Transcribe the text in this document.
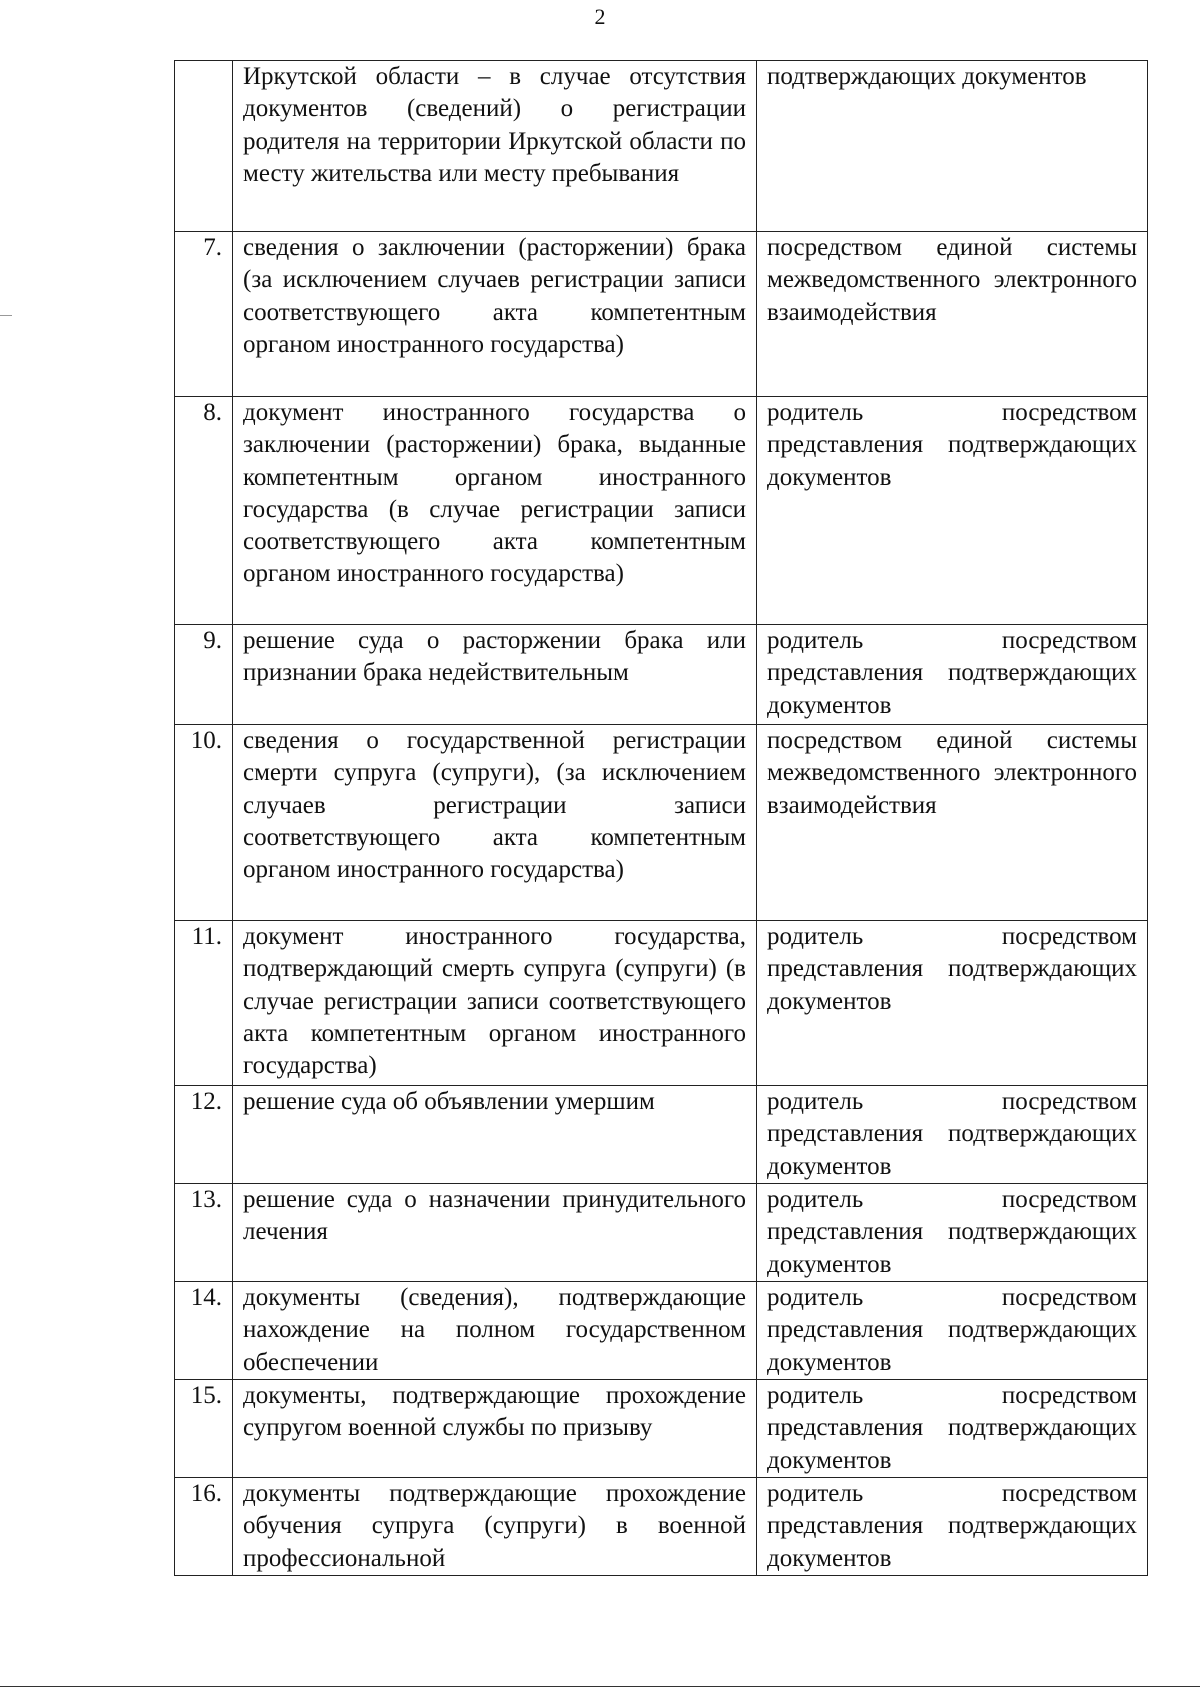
2
	Иркутской области – в случае отсутствия документов (сведений) о регистрации родителя на территории Иркутской области по месту жительства или месту пребывания	подтверждающих документов
7.	сведения о заключении (расторжении) брака (за исключением случаев регистрации записи соответствующего акта компетентным органом иностранного государства)	посредством единой системы межведомственного электронного взаимодействия
8.	документ иностранного государства о заключении (расторжении) брака, выданные компетентным органом иностранного государства (в случае регистрации записи соответствующего акта компетентным органом иностранного государства)	родитель посредством представления подтверждающих документов
9.	решение суда о расторжении брака или признании брака недействительным	родитель посредством представления подтверждающих документов
10.	сведения о государственной регистрации смерти супруга (супруги), (за исключением случаев регистрации записи соответствующего акта компетентным органом иностранного государства)	посредством единой системы межведомственного электронного взаимодействия
11.	документ иностранного государства, подтверждающий смерть супруга (супруги) (в случае регистрации записи соответствующего акта компетентным органом иностранного государства)	родитель посредством представления подтверждающих документов
12.	решение суда об объявлении умершим	родитель посредством представления подтверждающих документов
13.	решение суда о назначении принудительного лечения	родитель посредством представления подтверждающих документов
14.	документы (сведения), подтверждающие нахождение на полном государственном обеспечении	родитель посредством представления подтверждающих документов
15.	документы, подтверждающие прохождение супругом военной службы по призыву	родитель посредством представления подтверждающих документов
16.	документы подтверждающие прохождение обучения супруга (супруги) в военной профессиональной	родитель посредством представления подтверждающих документов
